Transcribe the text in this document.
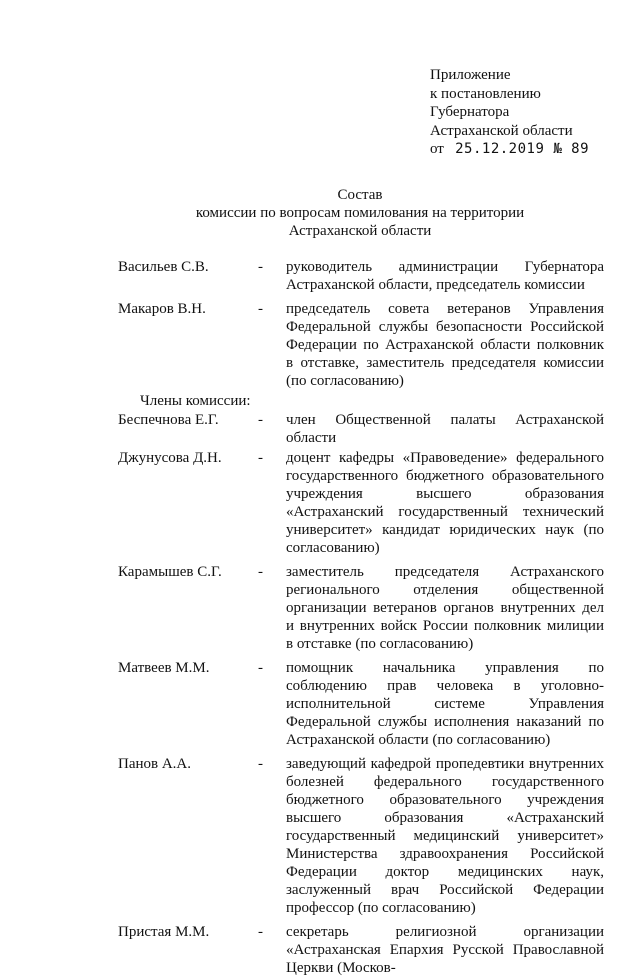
Приложение
к постановлению
Губернатора
Астраханской области
от 25.12.2019 № 89
Состав
комиссии по вопросам помилования на территории
Астраханской области
Васильев С.В.	-	руководитель администрации Губернатора Астраханской области, председатель комиссии
Макаров В.Н.	-	председатель совета ветеранов Управления Федеральной службы безопасности Российской Федерации по Астраханской области полковник в отставке, заместитель председателя комиссии (по согласованию)
Члены комиссии:
Беспечнова Е.Г.	-	член Общественной палаты Астраханской области
Джунусова Д.Н.	-	доцент кафедры «Правоведение» федерального государственного бюджетного образовательного учреждения высшего образования «Астраханский государственный технический университет» кандидат юридических наук (по согласованию)
Карамышев С.Г.	-	заместитель председателя Астраханского регионального отделения общественной организации ветеранов органов внутренних дел и внутренних войск России полковник милиции в отставке (по согласованию)
Матвеев М.М.	-	помощник начальника управления по соблюдению прав человека в уголовно-исполнительной системе Управления Федеральной службы исполнения наказаний по Астраханской области (по согласованию)
Панов А.А.	-	заведующий кафедрой пропедевтики внутренних болезней федерального государственного бюджетного образовательного учреждения высшего образования «Астраханский государственный медицинский университет» Министерства здравоохранения Российской Федерации доктор медицинских наук, заслуженный врач Российской Федерации профессор (по согласованию)
Пристая М.М.	-	секретарь религиозной организации «Астраханская Епархия Русской Православной Церкви (Москов-
